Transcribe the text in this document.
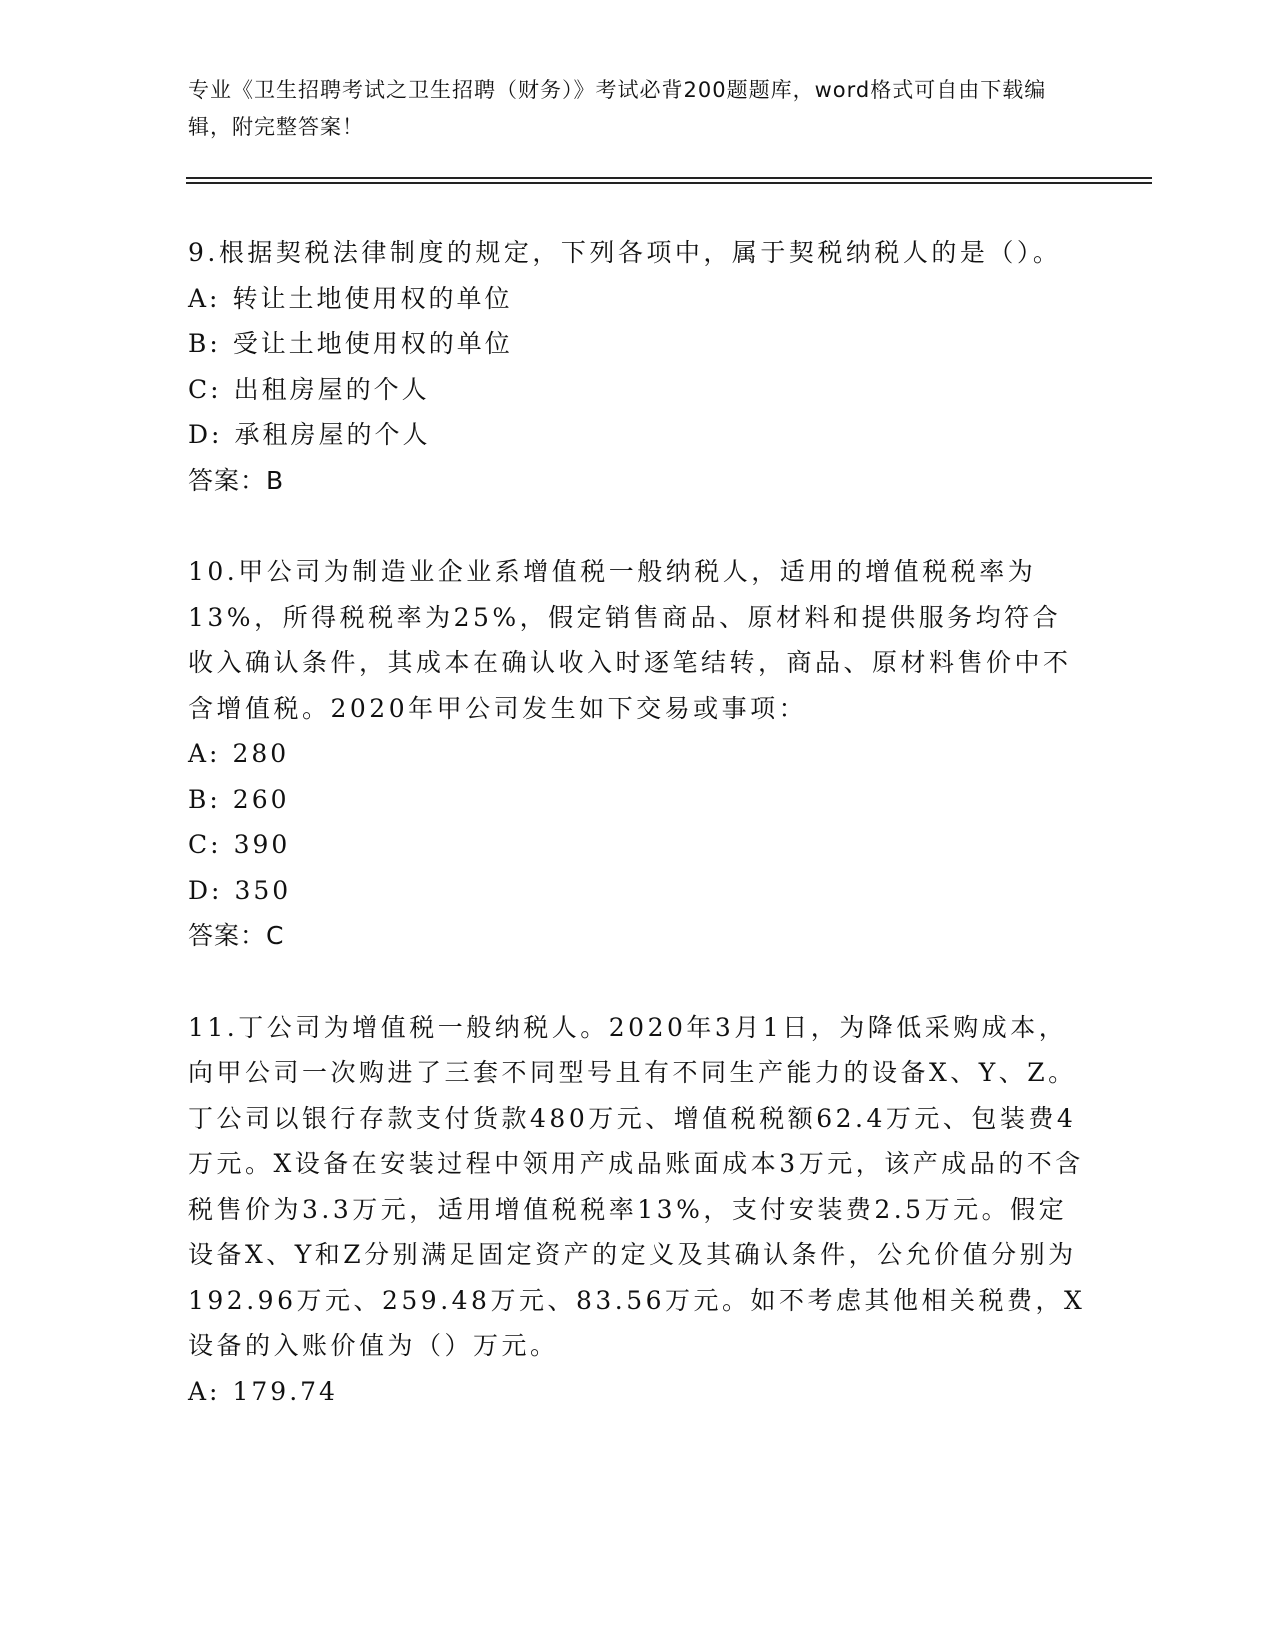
专业《卫生招聘考试之卫生招聘（财务）》考试必背200题题库，word格式可自由下载编辑，附完整答案！

9.根据契税法律制度的规定，下列各项中，属于契税纳税人的是（）。

A: 转让土地使用权的单位

B: 受让土地使用权的单位

C: 出租房屋的个人

D: 承租房屋的个人

答案：B

10.甲公司为制造业企业系增值税一般纳税人，适用的增值税税率为13%，所得税税率为25%，假定销售商品、原材料和提供服务均符合收入确认条件，其成本在确认收入时逐笔结转，商品、原材料售价中不含增值税。2020年甲公司发生如下交易或事项：

A: 280

B: 260

C: 390

D: 350

答案：C

11.丁公司为增值税一般纳税人。2020年3月1日，为降低采购成本，向甲公司一次购进了三套不同型号且有不同生产能力的设备X、Y、Z。丁公司以银行存款支付货款480万元、增值税税额62.4万元、包装费4万元。X设备在安装过程中领用产成品账面成本3万元，该产成品的不含税售价为3.3万元，适用增值税税率13%，支付安装费2.5万元。假定设备X、Y和Z分别满足固定资产的定义及其确认条件，公允价值分别为192.96万元、259.48万元、83.56万元。如不考虑其他相关税费，X设备的入账价值为（）万元。

A: 179.74
